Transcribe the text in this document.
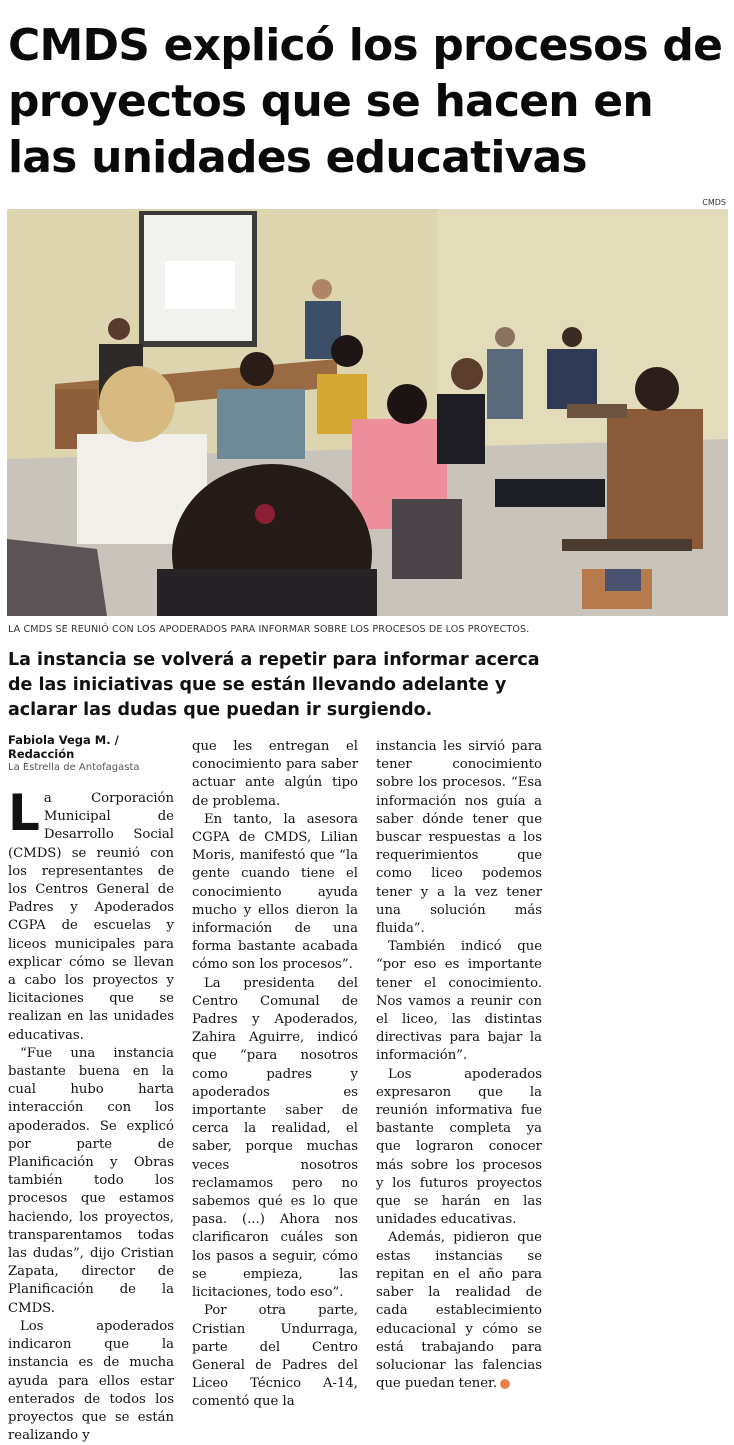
CMDS explicó los procesos de proyectos que se hacen en las unidades educativas
CMDS
LA CMDS SE REUNIÓ CON LOS APODERADOS PARA INFORMAR SOBRE LOS PROCESOS DE LOS PROYECTOS.
La instancia se volverá a repetir para informar acerca de las iniciativas que se están llevando adelante y aclarar las dudas que puedan ir surgiendo.
Fabiola Vega M. / Redacción
La Estrella de Antofagasta

La Corporación Municipal de Desarrollo Social (CMDS) se reunió con los representantes de los Centros General de Padres y Apoderados CGPA de escuelas y liceos municipales para explicar cómo se llevan a cabo los proyectos y licitaciones que se realizan en las unidades educativas.

“Fue una instancia bastante buena en la cual hubo harta interacción con los apoderados. Se explicó por parte de Planificación y Obras también todo los procesos que estamos haciendo, los proyectos, transparentamos todas las dudas”, dijo Cristian Zapata, director de Planificación de la CMDS.

Los apoderados indicaron que la instancia es de mucha ayuda para ellos estar enterados de todos los proyectos que se están realizando y

que les entregan el conocimiento para saber actuar ante algún tipo de problema.

En tanto, la asesora CGPA de CMDS, Lilian Moris, manifestó que “la gente cuando tiene el conocimiento ayuda mucho y ellos dieron la información de una forma bastante acabada cómo son los procesos”.

La presidenta del Centro Comunal de Padres y Apoderados, Zahira Aguirre, indicó que “para nosotros como padres y apoderados es importante saber de cerca la realidad, el saber, porque muchas veces nosotros reclamamos pero no sabemos qué es lo que pasa. (...) Ahora nos clarificaron cuáles son los pasos a seguir, cómo se empieza, las licitaciones, todo eso”.

Por otra parte, Cristian Undurraga, parte del Centro General de Padres del Liceo Técnico A-14, comentó que la

instancia les sirvió para tener conocimiento sobre los procesos. “Esa información nos guía a saber dónde tener que buscar respuestas a los requerimientos que como liceo podemos tener y a la vez tener una solución más fluida”.

También indicó que “por eso es importante tener el conocimiento. Nos vamos a reunir con el liceo, las distintas directivas para bajar la información”.

Los apoderados expresaron que la reunión informativa fue bastante completa ya que lograron conocer más sobre los procesos y los futuros proyectos que se harán en las unidades educativas.

Además, pidieron que estas instancias se repitan en el año para saber la realidad de cada establecimiento educacional y cómo se está trabajando para solucionar las falencias que puedan tener.
